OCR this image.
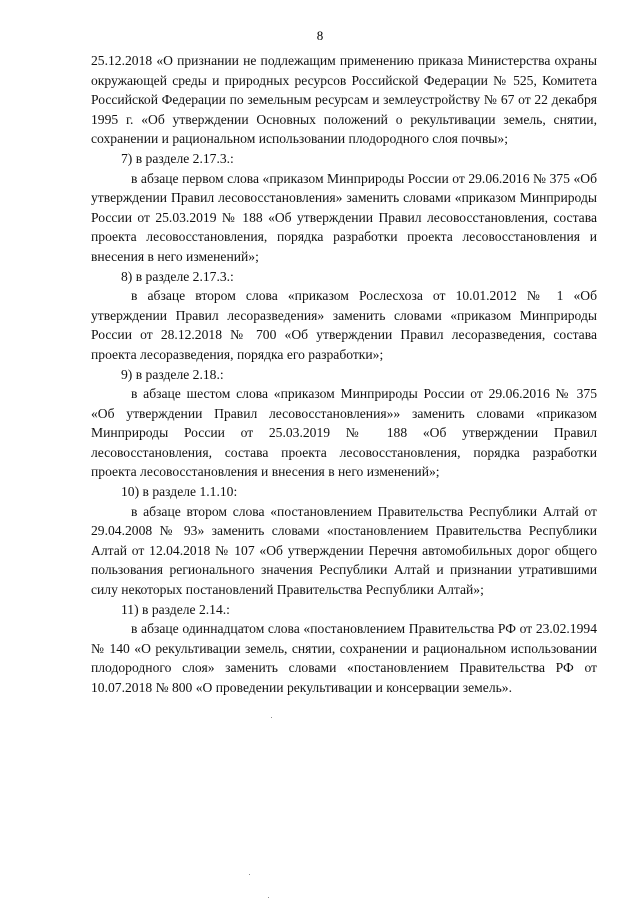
8

25.12.2018 «О признании не подлежащим применению приказа Министерства охраны окружающей среды и природных ресурсов Российской Федерации № 525, Комитета Российской Федерации по земельным ресурсам и землеустройству № 67 от 22 декабря 1995 г. «Об утверждении Основных положений о рекультивации земель, снятии, сохранении и рациональном использовании плодородного слоя почвы»;

7) в разделе 2.17.3.:

в абзаце первом слова «приказом Минприроды России от 29.06.2016 № 375 «Об утверждении Правил лесовосстановления» заменить словами «приказом Минприроды России от 25.03.2019 № 188 «Об утверждении Правил лесовосстановления, состава проекта лесовосстановления, порядка разработки проекта лесовосстановления и внесения в него изменений»;

8) в разделе 2.17.3.:

в абзаце втором слова «приказом Рослесхоза от 10.01.2012 № 1 «Об утверждении Правил лесоразведения» заменить словами «приказом Минприроды России от 28.12.2018 № 700 «Об утверждении Правил лесоразведения, состава проекта лесоразведения, порядка его разработки»;

9) в разделе 2.18.:

в абзаце шестом слова «приказом Минприроды России от 29.06.2016 № 375 «Об утверждении Правил лесовосстановления»» заменить словами «приказом Минприроды России от 25.03.2019 № 188 «Об утверждении Правил лесовосстановления, состава проекта лесовосстановления, порядка разработки проекта лесовосстановления и внесения в него изменений»;

10) в разделе 1.1.10:

в абзаце втором слова «постановлением Правительства Республики Алтай от 29.04.2008 № 93» заменить словами «постановлением Правительства Республики Алтай от 12.04.2018 № 107 «Об утверждении Перечня автомобильных дорог общего пользования регионального значения Республики Алтай и признании утратившими силу некоторых постановлений Правительства Республики Алтай»;

11) в разделе 2.14.:

в абзаце одиннадцатом слова «постановлением Правительства РФ от 23.02.1994 № 140 «О рекультивации земель, снятии, сохранении и рациональном использовании плодородного слоя» заменить словами «постановлением Правительства РФ от 10.07.2018 № 800 «О проведении рекультивации и консервации земель».
